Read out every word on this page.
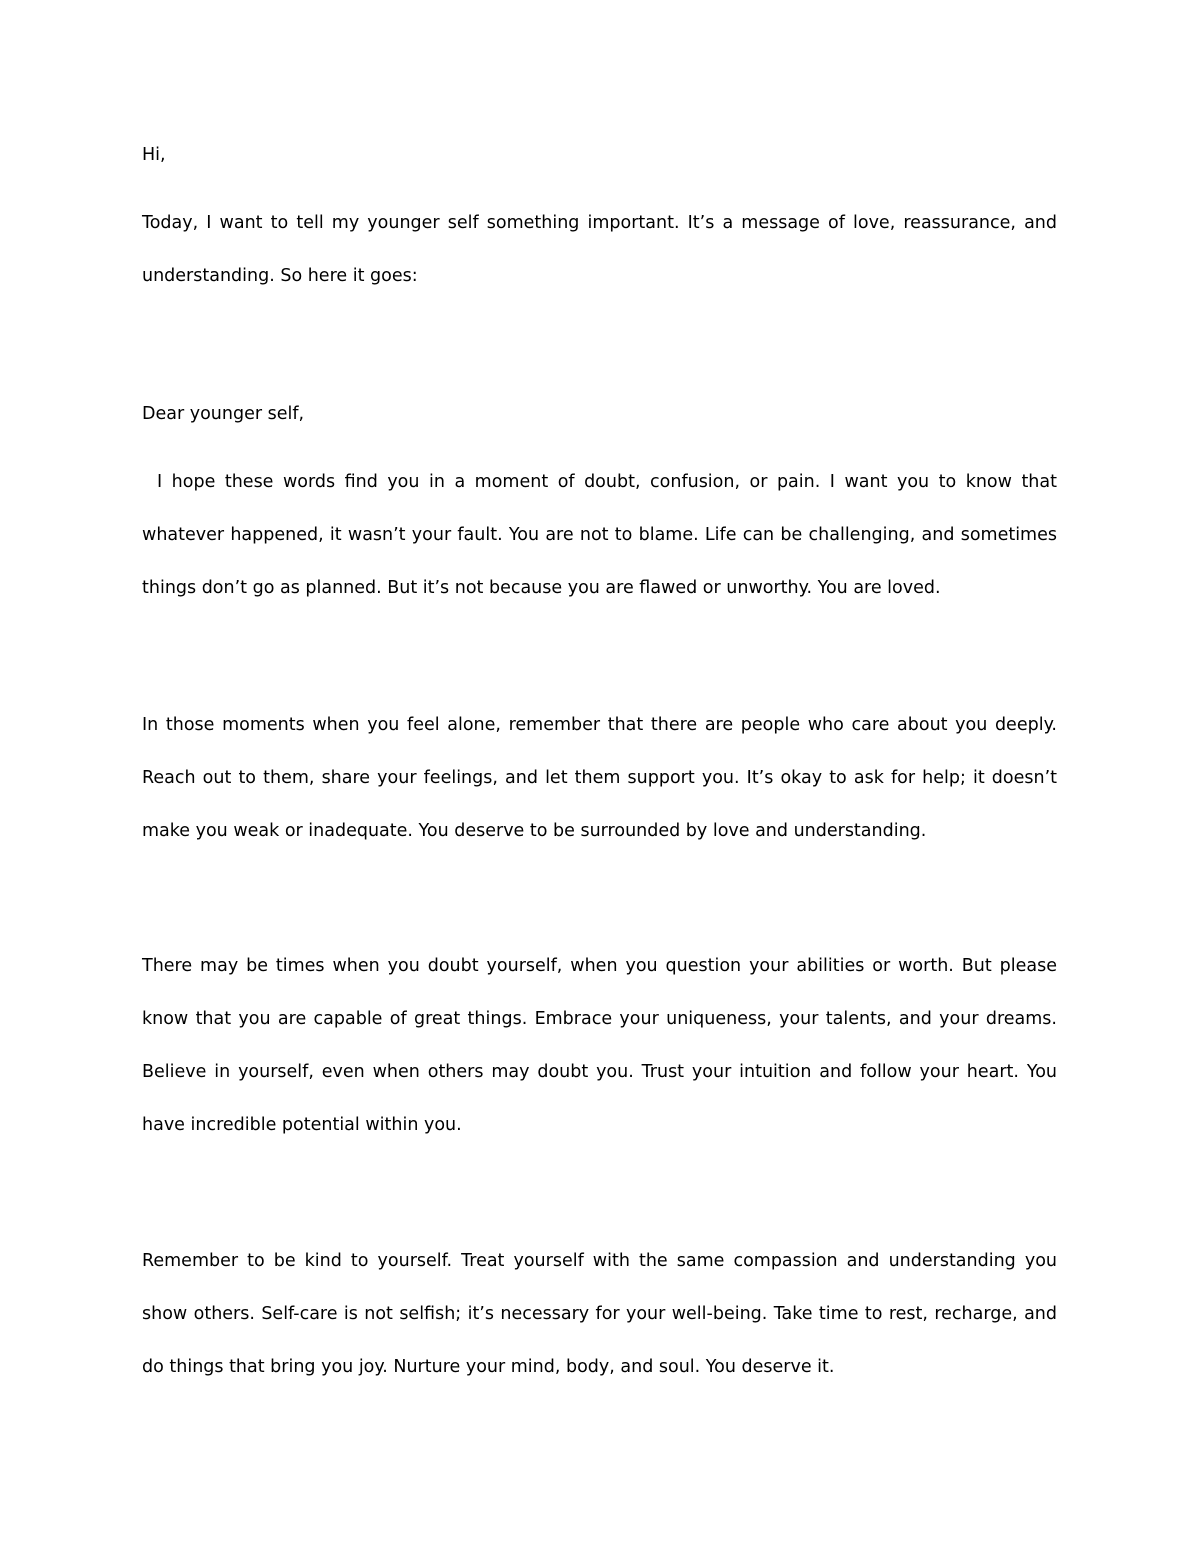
Hi,

Today, I want to tell my younger self something important. It’s a message of love, reassurance, and understanding. So here it goes:

Dear younger self,

I hope these words find you in a moment of doubt, confusion, or pain. I want you to know that whatever happened, it wasn’t your fault. You are not to blame. Life can be challenging, and sometimes things don’t go as planned. But it’s not because you are flawed or unworthy. You are loved.

In those moments when you feel alone, remember that there are people who care about you deeply. Reach out to them, share your feelings, and let them support you. It’s okay to ask for help; it doesn’t make you weak or inadequate. You deserve to be surrounded by love and understanding.

There may be times when you doubt yourself, when you question your abilities or worth. But please know that you are capable of great things. Embrace your uniqueness, your talents, and your dreams. Believe in yourself, even when others may doubt you. Trust your intuition and follow your heart. You have incredible potential within you.

Remember to be kind to yourself. Treat yourself with the same compassion and understanding you show others. Self-care is not selfish; it’s necessary for your well-being. Take time to rest, recharge, and do things that bring you joy. Nurture your mind, body, and soul. You deserve it.
